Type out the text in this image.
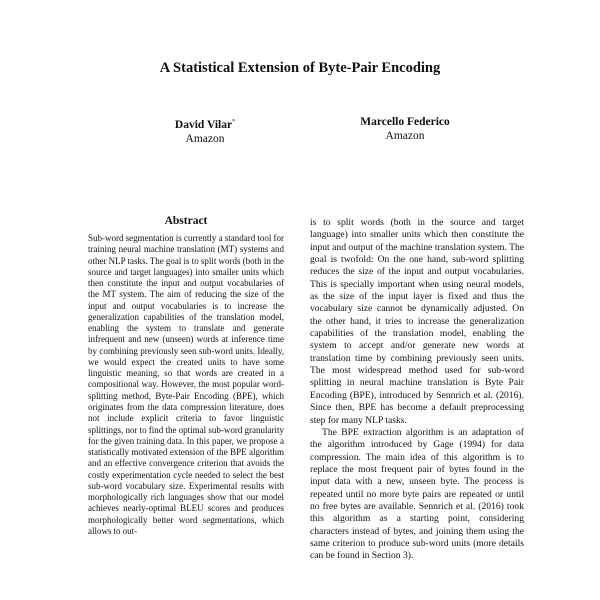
A Statistical Extension of Byte-Pair Encoding
David Vilar*
Amazon
Marcello Federico
Amazon
Abstract

Sub-word segmentation is currently a standard tool for training neural machine translation (MT) systems and other NLP tasks. The goal is to split words (both in the source and target languages) into smaller units which then constitute the input and output vocabularies of the MT system. The aim of reducing the size of the input and output vocabularies is to increase the generalization capabilities of the translation model, enabling the system to translate and generate infrequent and new (unseen) words at inference time by combining previously seen sub-word units. Ideally, we would expect the created units to have some linguistic meaning, so that words are created in a compositional way. However, the most popular word-splitting method, Byte-Pair Encoding (BPE), which originates from the data compression literature, does not include explicit criteria to favor linguistic splittings, nor to find the optimal sub-word granularity for the given training data. In this paper, we propose a statistically motivated extension of the BPE algorithm and an effective convergence criterion that avoids the costly experimentation cycle needed to select the best sub-word vocabulary size. Experimental results with morphologically rich languages show that our model achieves nearly-optimal BLEU scores and produces morphologically better word segmentations, which allows to out-

is to split words (both in the source and target language) into smaller units which then constitute the input and output of the machine translation system. The goal is twofold: On the one hand, sub-word splitting reduces the size of the input and output vocabularies. This is specially important when using neural models, as the size of the input layer is fixed and thus the vocabulary size cannot be dynamically adjusted. On the other hand, it tries to increase the generalization capabilities of the translation model, enabling the system to accept and/or generate new words at translation time by combining previously seen units. The most widespread method used for sub-word splitting in neural machine translation is Byte Pair Encoding (BPE), introduced by Sennrich et al. (2016). Since then, BPE has become a default preprocessing step for many NLP tasks.

The BPE extraction algorithm is an adaptation of the algorithm introduced by Gage (1994) for data compression. The main idea of this algorithm is to replace the most frequent pair of bytes found in the input data with a new, unseen byte. The process is repeated until no more byte pairs are repeated or until no free bytes are available. Sennrich et al. (2016) took this algorithm as a starting point, considering characters instead of bytes, and joining them using the same criterion to produce sub-word units (more details can be found in Section 3).
